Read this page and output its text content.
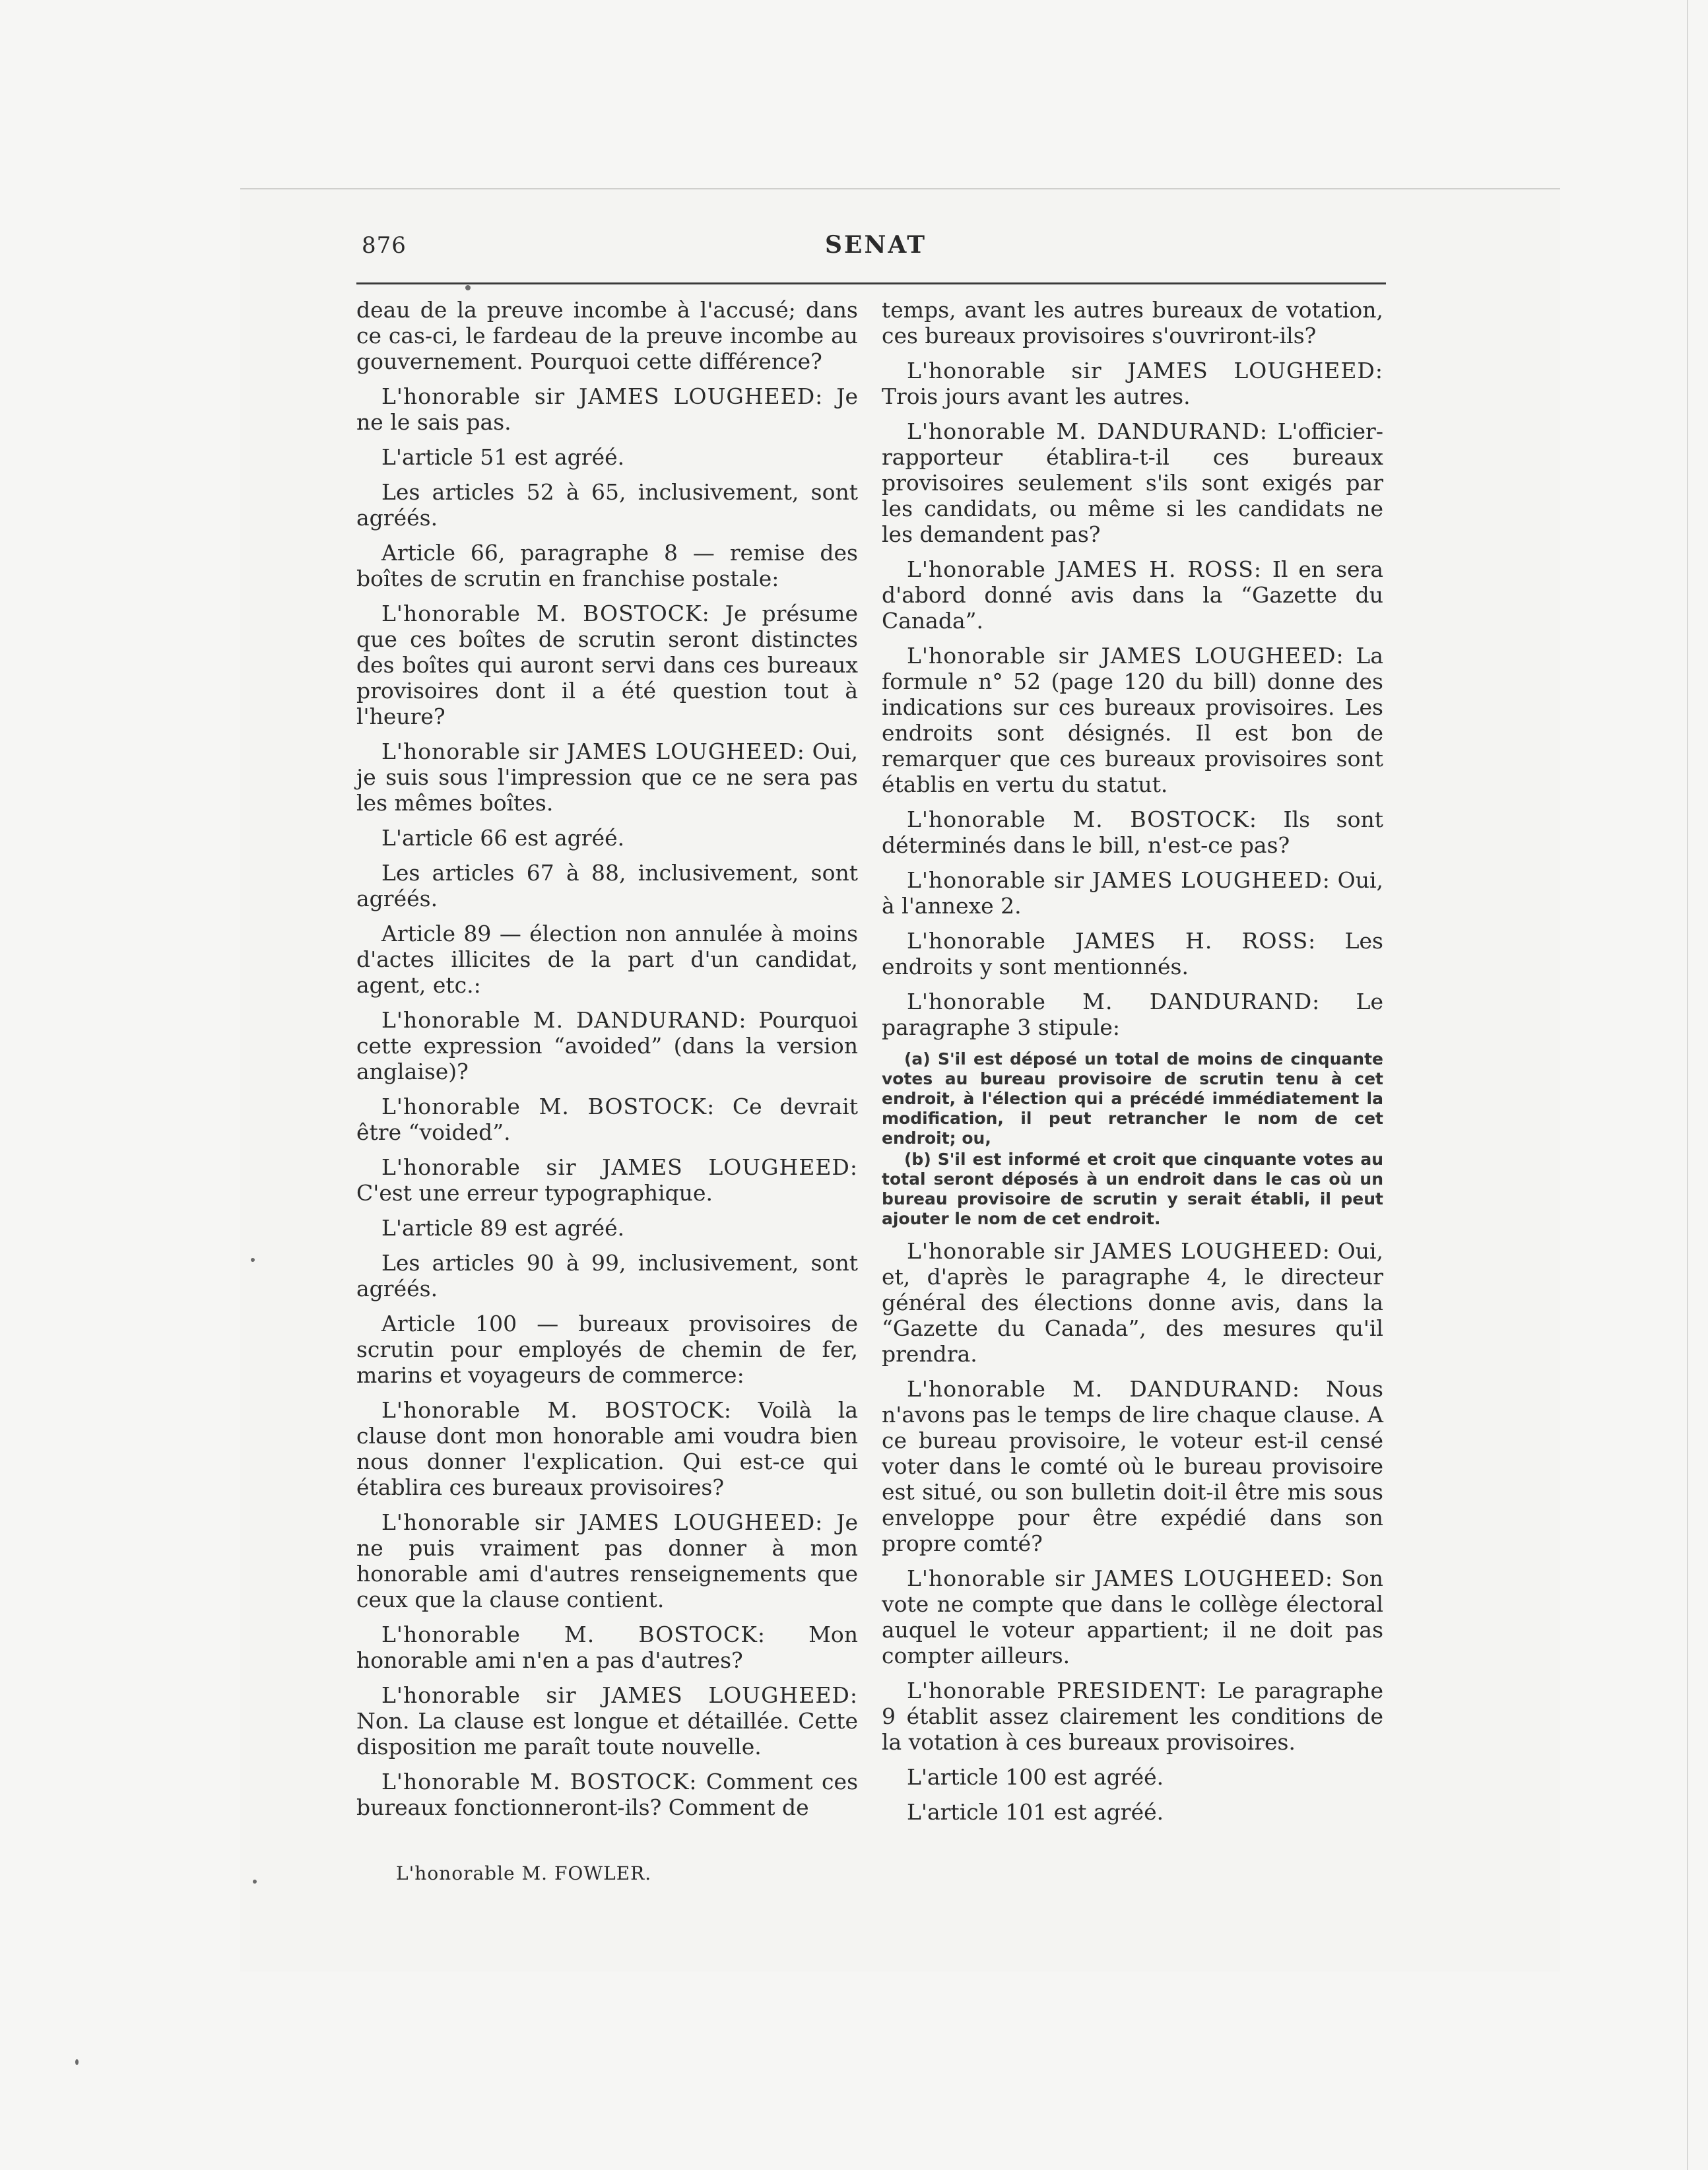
876	SENAT

deau de la preuve incombe à l'accusé; dans ce cas-ci, le fardeau de la preuve incombe au gouvernement. Pourquoi cette différence?

L'honorable sir JAMES LOUGHEED: Je ne le sais pas.

L'article 51 est agréé.

Les articles 52 à 65, inclusivement, sont agréés.

Article 66, paragraphe 8 — remise des boîtes de scrutin en franchise postale:

L'honorable M. BOSTOCK: Je présume que ces boîtes de scrutin seront distinctes des boîtes qui auront servi dans ces bureaux provisoires dont il a été question tout à l'heure?

L'honorable sir JAMES LOUGHEED: Oui, je suis sous l'impression que ce ne sera pas les mêmes boîtes.

L'article 66 est agréé.

Les articles 67 à 88, inclusivement, sont agréés.

Article 89 — élection non annulée à moins d'actes illicites de la part d'un candidat, agent, etc.:

L'honorable M. DANDURAND: Pourquoi cette expression “avoided” (dans la version anglaise)?

L'honorable M. BOSTOCK: Ce devrait être “voided”.

L'honorable sir JAMES LOUGHEED: C'est une erreur typographique.

L'article 89 est agréé.

Les articles 90 à 99, inclusivement, sont agréés.

Article 100 — bureaux provisoires de scrutin pour employés de chemin de fer, marins et voyageurs de commerce:

L'honorable M. BOSTOCK: Voilà la clause dont mon honorable ami voudra bien nous donner l'explication. Qui est-ce qui établira ces bureaux provisoires?

L'honorable sir JAMES LOUGHEED: Je ne puis vraiment pas donner à mon honorable ami d'autres renseignements que ceux que la clause contient.

L'honorable M. BOSTOCK: Mon honorable ami n'en a pas d'autres?

L'honorable sir JAMES LOUGHEED: Non. La clause est longue et détaillée. Cette disposition me paraît toute nouvelle.

L'honorable M. BOSTOCK: Comment ces bureaux fonctionneront-ils? Comment de

temps, avant les autres bureaux de votation, ces bureaux provisoires s'ouvriront-ils?

L'honorable sir JAMES LOUGHEED: Trois jours avant les autres.

L'honorable M. DANDURAND: L'officier-rapporteur établira-t-il ces bureaux provisoires seulement s'ils sont exigés par les candidats, ou même si les candidats ne les demandent pas?

L'honorable JAMES H. ROSS: Il en sera d'abord donné avis dans la “Gazette du Canada”.

L'honorable sir JAMES LOUGHEED: La formule n° 52 (page 120 du bill) donne des indications sur ces bureaux provisoires. Les endroits sont désignés. Il est bon de remarquer que ces bureaux provisoires sont établis en vertu du statut.

L'honorable M. BOSTOCK: Ils sont déterminés dans le bill, n'est-ce pas?

L'honorable sir JAMES LOUGHEED: Oui, à l'annexe 2.

L'honorable JAMES H. ROSS: Les endroits y sont mentionnés.

L'honorable M. DANDURAND: Le paragraphe 3 stipule:

(a) S'il est déposé un total de moins de cinquante votes au bureau provisoire de scrutin tenu à cet endroit, à l'élection qui a précédé immédiatement la modification, il peut retrancher le nom de cet endroit; ou,

(b) S'il est informé et croit que cinquante votes au total seront déposés à un endroit dans le cas où un bureau provisoire de scrutin y serait établi, il peut ajouter le nom de cet endroit.

L'honorable sir JAMES LOUGHEED: Oui, et, d'après le paragraphe 4, le directeur général des élections donne avis, dans la “Gazette du Canada”, des mesures qu'il prendra.

L'honorable M. DANDURAND: Nous n'avons pas le temps de lire chaque clause. A ce bureau provisoire, le voteur est-il censé voter dans le comté où le bureau provisoire est situé, ou son bulletin doit-il être mis sous enveloppe pour être expédié dans son propre comté?

L'honorable sir JAMES LOUGHEED: Son vote ne compte que dans le collège électoral auquel le voteur appartient; il ne doit pas compter ailleurs.

L'honorable PRESIDENT: Le paragraphe 9 établit assez clairement les conditions de la votation à ces bureaux provisoires.

L'article 100 est agréé.

L'article 101 est agréé.

L'honorable M. FOWLER.
